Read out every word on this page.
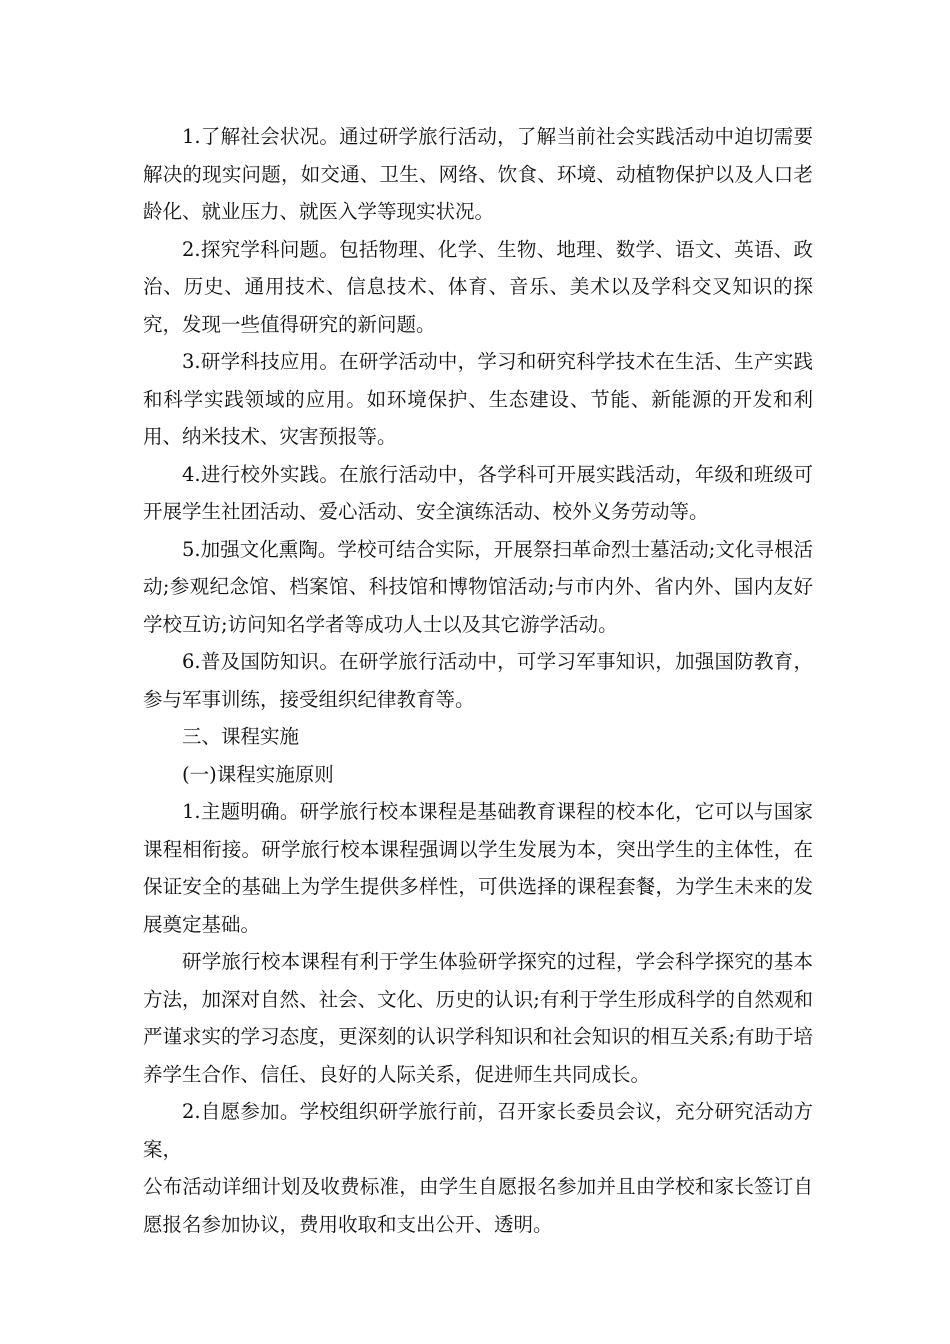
1.了解社会状况。通过研学旅行活动，了解当前社会实践活动中迫切需要解决的现实问题，如交通、卫生、网络、饮食、环境、动植物保护以及人口老龄化、就业压力、就医入学等现实状况。

2.探究学科问题。包括物理、化学、生物、地理、数学、语文、英语、政治、历史、通用技术、信息技术、体育、音乐、美术以及学科交叉知识的探究，发现一些值得研究的新问题。

3.研学科技应用。在研学活动中，学习和研究科学技术在生活、生产实践和科学实践领域的应用。如环境保护、生态建设、节能、新能源的开发和利用、纳米技术、灾害预报等。

4.进行校外实践。在旅行活动中，各学科可开展实践活动，年级和班级可开展学生社团活动、爱心活动、安全演练活动、校外义务劳动等。

5.加强文化熏陶。学校可结合实际，开展祭扫革命烈士墓活动;文化寻根活动;参观纪念馆、档案馆、科技馆和博物馆活动;与市内外、省内外、国内友好学校互访;访问知名学者等成功人士以及其它游学活动。

6.普及国防知识。在研学旅行活动中，可学习军事知识，加强国防教育，参与军事训练，接受组织纪律教育等。

三、课程实施

(一)课程实施原则

1.主题明确。研学旅行校本课程是基础教育课程的校本化，它可以与国家课程相衔接。研学旅行校本课程强调以学生发展为本，突出学生的主体性，在保证安全的基础上为学生提供多样性，可供选择的课程套餐，为学生未来的发展奠定基础。

研学旅行校本课程有利于学生体验研学探究的过程，学会科学探究的基本方法，加深对自然、社会、文化、历史的认识;有利于学生形成科学的自然观和严谨求实的学习态度，更深刻的认识学科知识和社会知识的相互关系;有助于培养学生合作、信任、良好的人际关系，促进师生共同成长。

2.自愿参加。学校组织研学旅行前，召开家长委员会议，充分研究活动方案，

公布活动详细计划及收费标准，由学生自愿报名参加并且由学校和家长签订自愿报名参加协议，费用收取和支出公开、透明。
